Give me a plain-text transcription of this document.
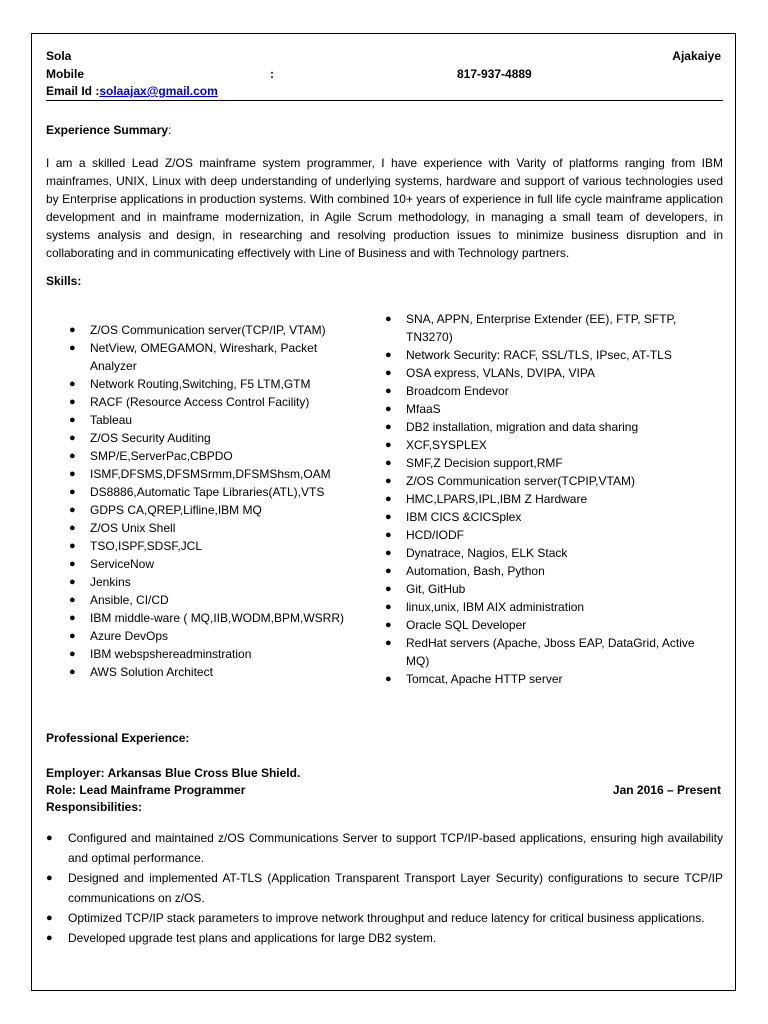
Sola	Ajakaiye
Mobile	:	817-937-4889
Email Id :solaajax@gmail.com
Experience Summary:

I am a skilled Lead Z/OS mainframe system programmer, I have experience with Varity of platforms ranging from IBM mainframes, UNIX, Linux with deep understanding of underlying systems, hardware and support of various technologies used by Enterprise applications in production systems. With combined 10+ years of experience in full life cycle mainframe application development and in mainframe modernization, in Agile Scrum methodology, in managing a small team of developers, in systems analysis and design, in researching and resolving production issues to minimize business disruption and in collaborating and in communicating effectively with Line of Business and with Technology partners.

Skills:
● Z/OS Communication server(TCP/IP, VTAM)
● NetView, OMEGAMON, Wireshark, Packet Analyzer
● Network Routing,Switching, F5 LTM,GTM
● RACF (Resource Access Control Facility)
● Tableau
● Z/OS Security Auditing
● SMP/E,ServerPac,CBPDO
● ISMF,DFSMS,DFSMSrmm,DFSMShsm,OAM
● DS8886,Automatic Tape Libraries(ATL),VTS
● GDPS CA,QREP,Lifline,IBM MQ
● Z/OS Unix Shell
● TSO,ISPF,SDSF,JCL
● ServiceNow
● Jenkins
● Ansible, CI/CD
● IBM middle-ware ( MQ,IIB,WODM,BPM,WSRR)
● Azure DevOps
● IBM webspshereadminstration
● AWS Solution Architect
● SNA, APPN, Enterprise Extender (EE), FTP, SFTP, TN3270)
● Network Security: RACF, SSL/TLS, IPsec, AT-TLS
● OSA express, VLANs, DVIPA, VIPA
● Broadcom Endevor
● MfaaS
● DB2 installation, migration and data sharing
● XCF,SYSPLEX
● SMF,Z Decision support,RMF
● Z/OS Communication server(TCPIP,VTAM)
● HMC,LPARS,IPL,IBM Z Hardware
● IBM CICS &CICSplex
● HCD/IODF
● Dynatrace, Nagios, ELK Stack
● Automation, Bash, Python
● Git, GitHub
● linux,unix, IBM AIX administration
● Oracle SQL Developer
● RedHat servers (Apache, Jboss EAP, DataGrid, Active MQ)
● Tomcat, Apache HTTP server
Professional Experience:
Employer: Arkansas Blue Cross Blue Shield.
Role: Lead Mainframe Programmer	Jan 2016 – Present
Responsibilities:
● Configured and maintained z/OS Communications Server to support TCP/IP-based applications, ensuring high availability and optimal performance.
● Designed and implemented AT-TLS (Application Transparent Transport Layer Security) configurations to secure TCP/IP communications on z/OS.
● Optimized TCP/IP stack parameters to improve network throughput and reduce latency for critical business applications.
● Developed upgrade test plans and applications for large DB2 system.
